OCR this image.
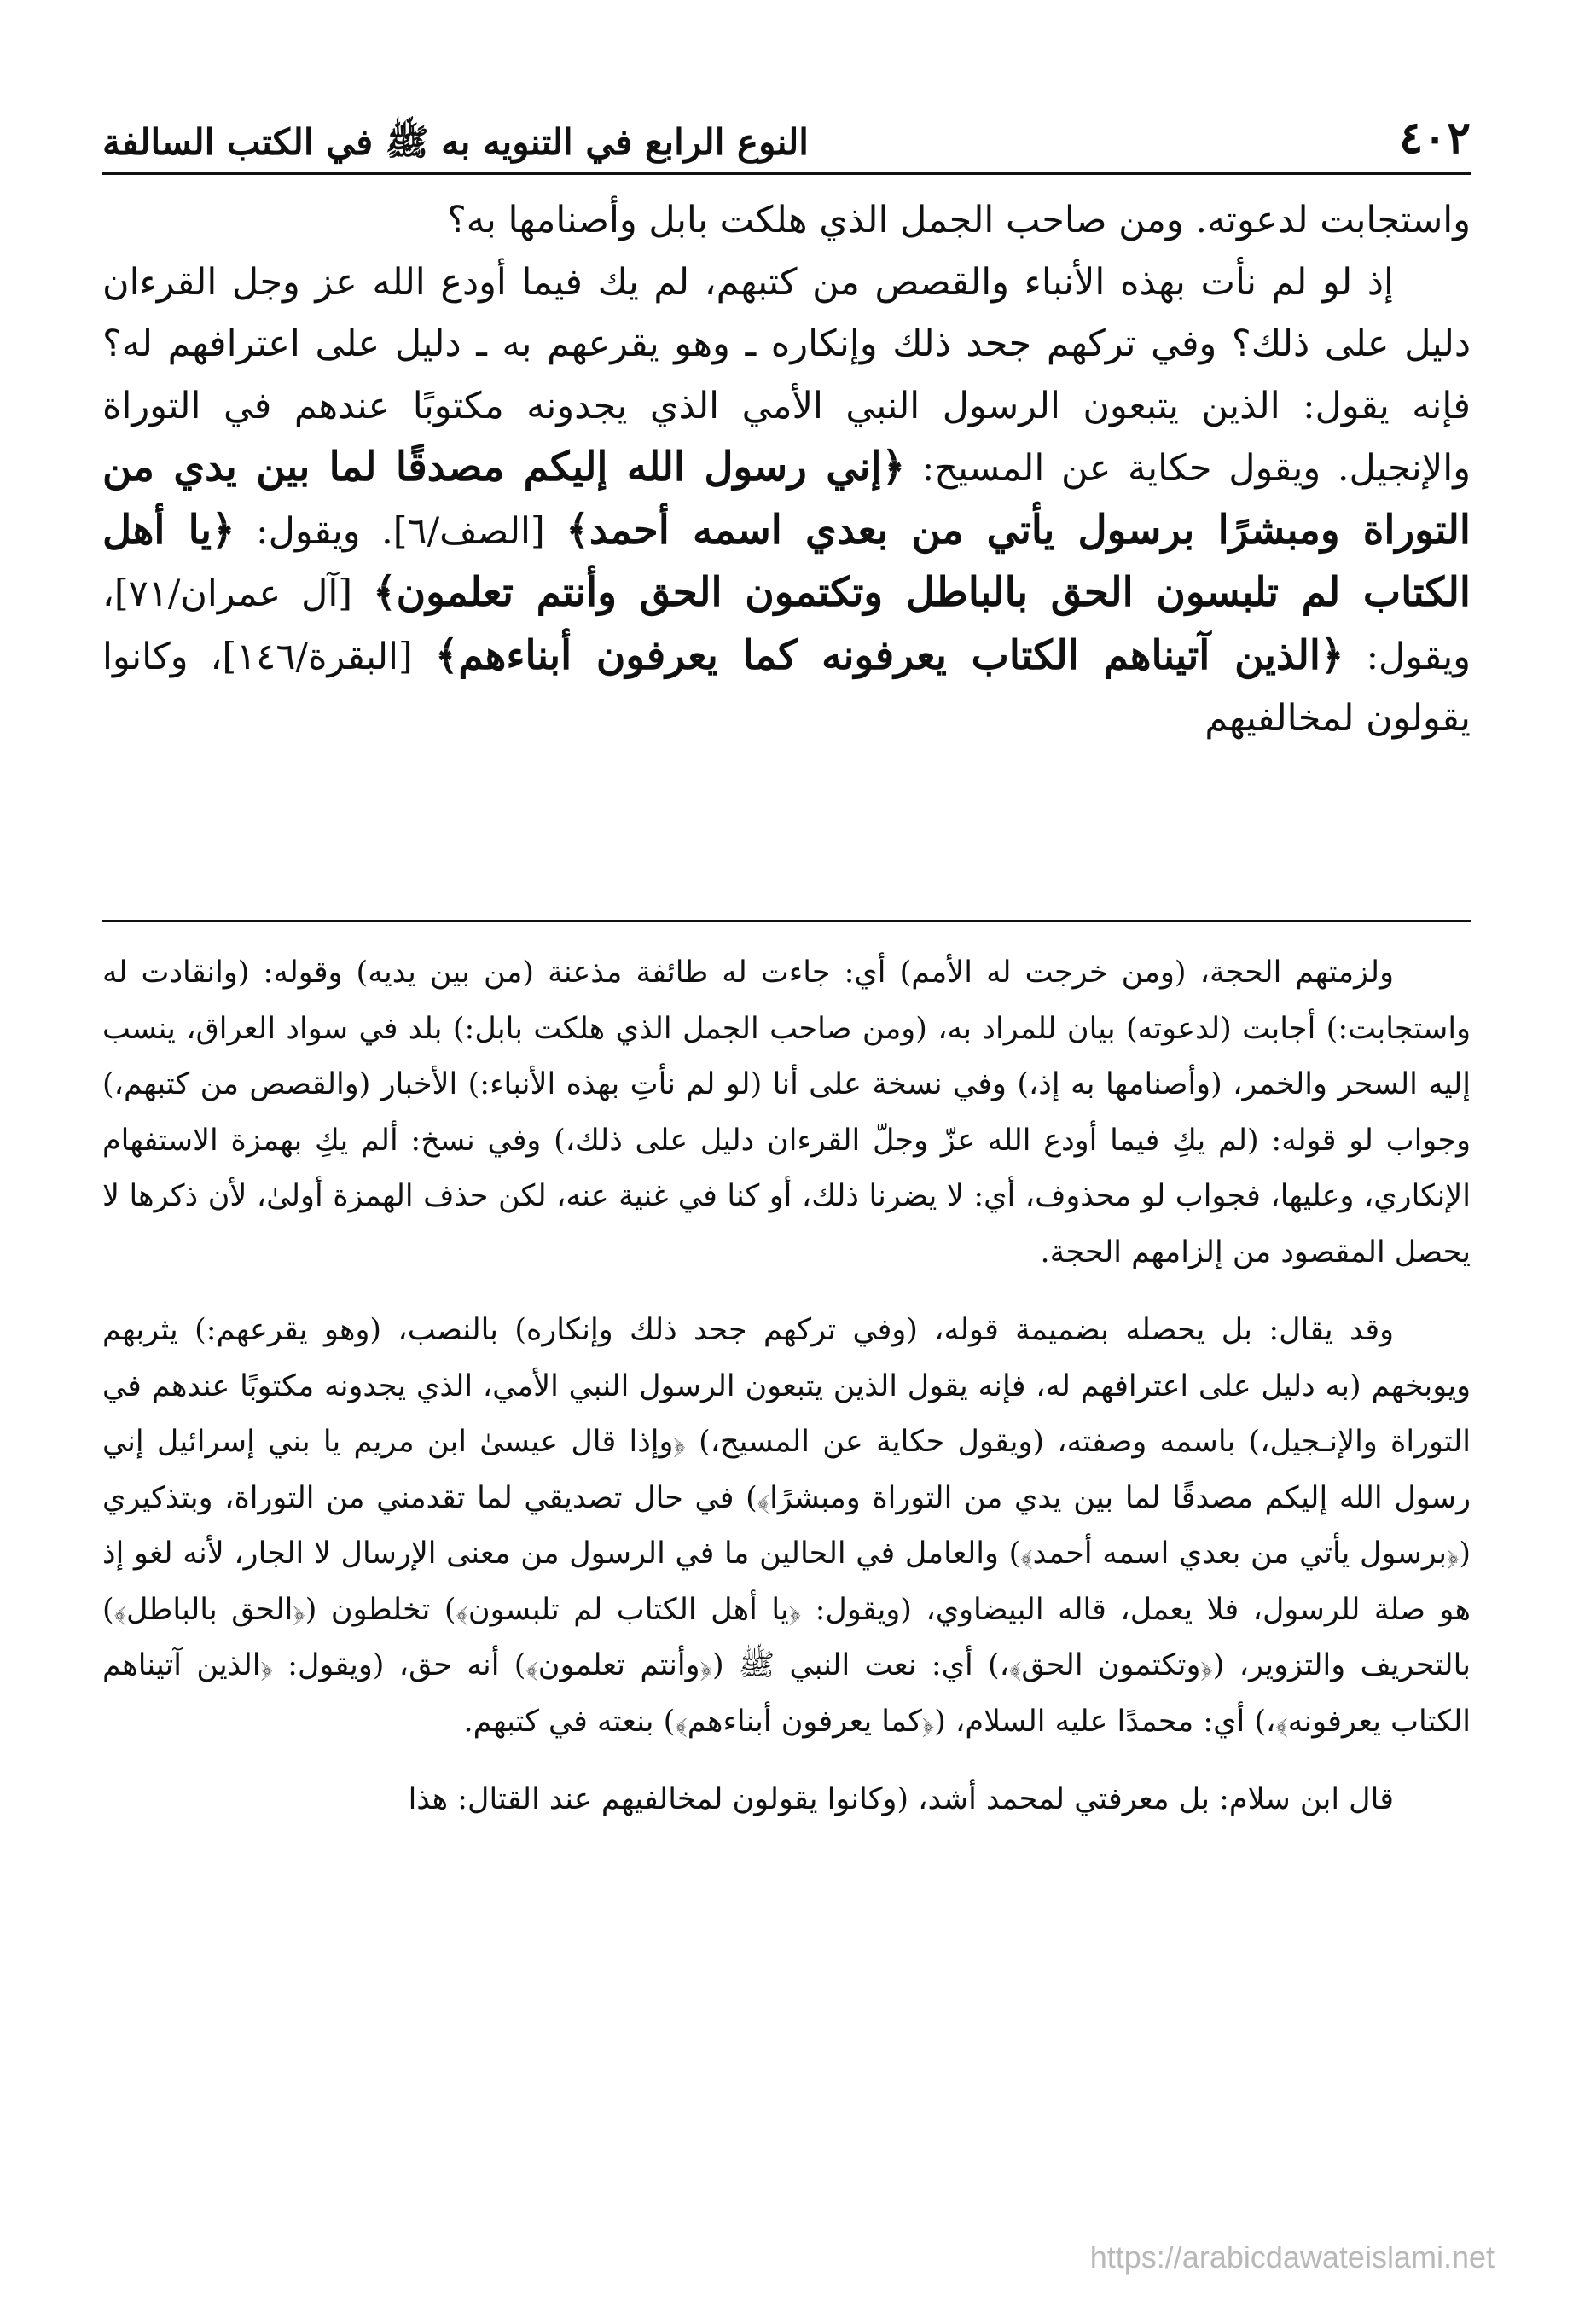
٤٠٢
النوع الرابع في التنويه به ﷺ في الكتب السالفة

واستجابت لدعوته. ومن صاحب الجمل الذي هلكت بابل وأصنامها به؟

إذ لو لم نأت بهذه الأنباء والقصص من كتبهم، لم يك فيما أودع الله عز وجل القرءان دليل على ذلك؟ وفي تركهم جحد ذلك وإنكاره ـ وهو يقرعهم به ـ دليل على اعترافهم له؟ فإنه يقول: الذين يتبعون الرسول النبي الأمي الذي يجدونه مكتوبًا عندهم في التوراة والإنجيل. ويقول حكاية عن المسيح: ﴿إني رسول الله إليكم مصدقًا لما بين يدي من التوراة ومبشرًا برسول يأتي من بعدي اسمه أحمد﴾ [الصف/٦]. ويقول: ﴿يا أهل الكتاب لم تلبسون الحق بالباطل وتكتمون الحق وأنتم تعلمون﴾ [آل عمران/٧١]، ويقول: ﴿الذين آتيناهم الكتاب يعرفونه كما يعرفون أبناءهم﴾ [البقرة/١٤٦]، وكانوا يقولون لمخالفيهم

ولزمتهم الحجة، (ومن خرجت له الأمم) أي: جاءت له طائفة مذعنة (من بين يديه) وقوله: (وانقادت له واستجابت:) أجابت (لدعوته) بيان للمراد به، (ومن صاحب الجمل الذي هلكت بابل:) بلد في سواد العراق، ينسب إليه السحر والخمر، (وأصنامها به إذ،) وفي نسخة على أنا (لو لم نأتِ بهذه الأنباء:) الأخبار (والقصص من كتبهم،) وجواب لو قوله: (لم يكِ فيما أودع الله عزّ وجلّ القرءان دليل على ذلك،) وفي نسخ: ألم يكِ بهمزة الاستفهام الإنكاري، وعليها، فجواب لو محذوف، أي: لا يضرنا ذلك، أو كنا في غنية عنه، لكن حذف الهمزة أولىٰ، لأن ذكرها لا يحصل المقصود من إلزامهم الحجة.

وقد يقال: بل يحصله بضميمة قوله، (وفي تركهم جحد ذلك وإنكاره) بالنصب، (وهو يقرعهم:) يثربهم ويوبخهم (به دليل على اعترافهم له، فإنه يقول الذين يتبعون الرسول النبي الأمي، الذي يجدونه مكتوبًا عندهم في التوراة والإنـجيل،) باسمه وصفته، (ويقول حكاية عن المسيح،) ﴿وإذا قال عيسىٰ ابن مريم يا بني إسرائيل إني رسول الله إليكم مصدقًا لما بين يدي من التوراة ومبشرًا﴾) في حال تصديقي لما تقدمني من التوراة، وبتذكيري (﴿برسول يأتي من بعدي اسمه أحمد﴾) والعامل في الحالين ما في الرسول من معنى الإرسال لا الجار، لأنه لغو إذ هو صلة للرسول، فلا يعمل، قاله البيضاوي، (ويقول: ﴿يا أهل الكتاب لم تلبسون﴾) تخلطون (﴿الحق بالباطل﴾) بالتحريف والتزوير، (﴿وتكتمون الحق﴾،) أي: نعت النبي ﷺ (﴿وأنتم تعلمون﴾) أنه حق، (ويقول: ﴿الذين آتيناهم الكتاب يعرفونه﴾،) أي: محمدًا عليه السلام، (﴿كما يعرفون أبناءهم﴾) بنعته في كتبهم.

قال ابن سلام: بل معرفتي لمحمد أشد، (وكانوا يقولون لمخالفيهم عند القتال: هذا

https://arabicdawateislami.net
